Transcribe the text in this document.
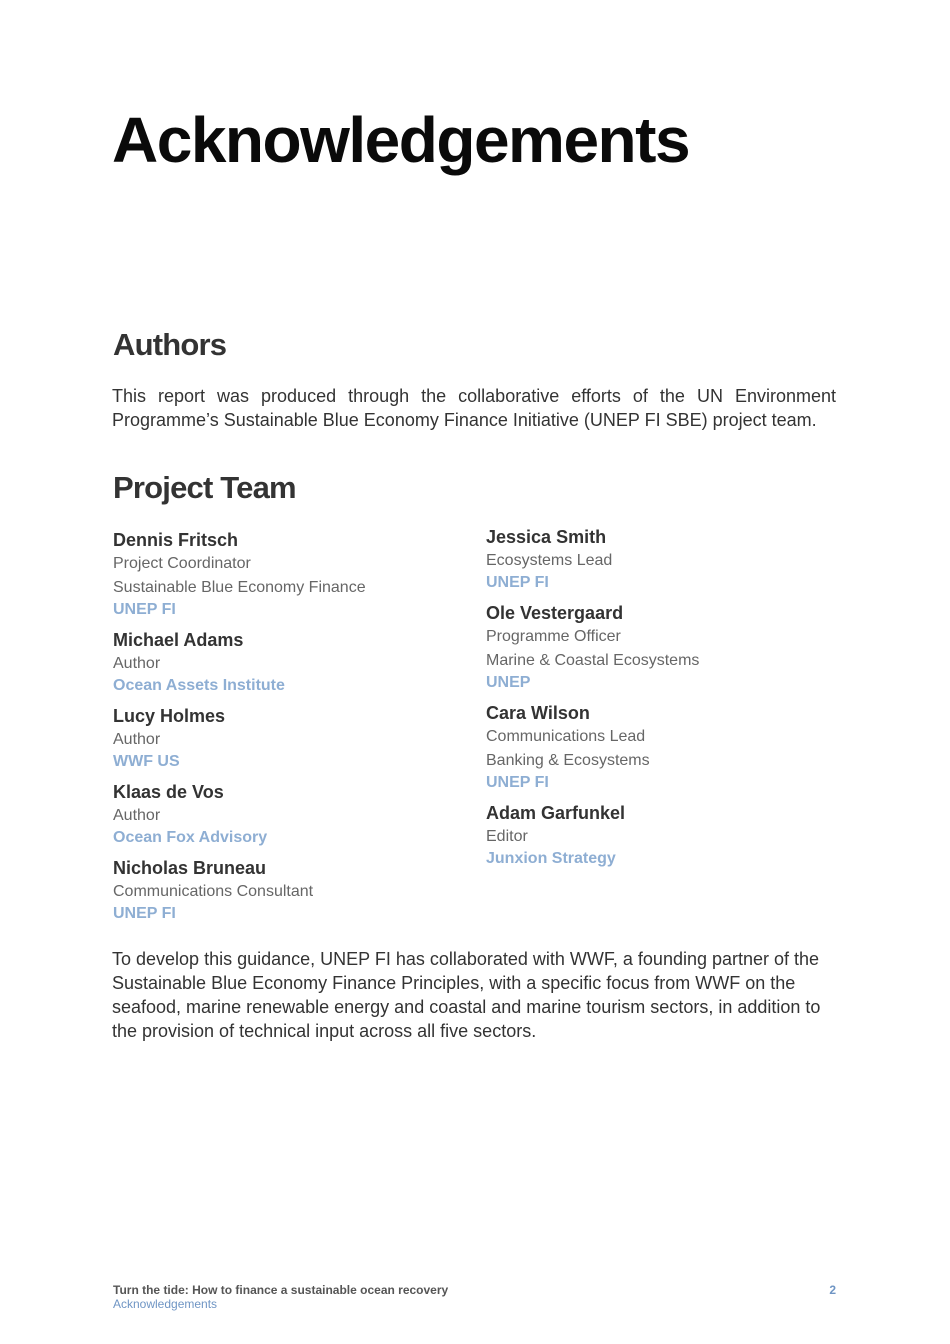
Acknowledgements
Authors

This report was produced through the collaborative efforts of the UN Environment Programme’s Sustainable Blue Economy Finance Initiative (UNEP FI SBE) project team.

Project Team
Dennis Fritsch
Project Coordinator
Sustainable Blue Economy Finance
UNEP FI
Michael Adams
Author
Ocean Assets Institute
Lucy Holmes
Author
WWF US
Klaas de Vos
Author
Ocean Fox Advisory
Nicholas Bruneau
Communications Consultant
UNEP FI
Jessica Smith
Ecosystems Lead
UNEP FI
Ole Vestergaard
Programme Officer
Marine & Coastal Ecosystems
UNEP
Cara Wilson
Communications Lead
Banking & Ecosystems
UNEP FI
Adam Garfunkel
Editor
Junxion Strategy

To develop this guidance, UNEP FI has collaborated with WWF, a founding partner of the Sustainable Blue Economy Finance Principles, with a specific focus from WWF on the seafood, marine renewable energy and coastal and marine tourism sectors, in addition to the provision of technical input across all five sectors.

Turn the tide: How to finance a sustainable ocean recovery
Acknowledgements
2
